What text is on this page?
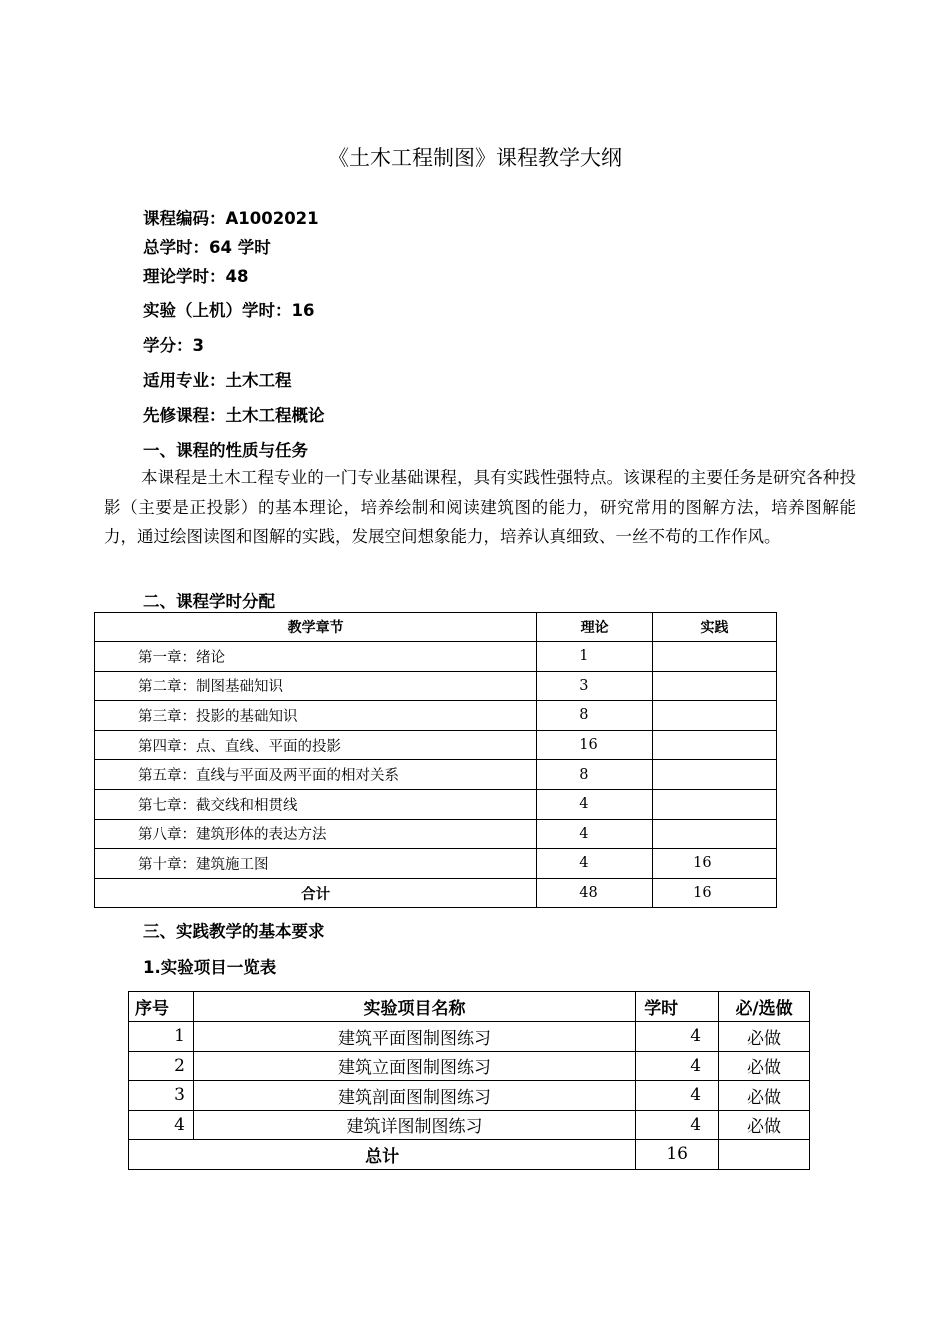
《土木工程制图》课程教学大纲
课程编码：A1002021
总学时：64 学时
理论学时：48
实验（上机）学时：16
学分：3
适用专业：土木工程
先修课程：土木工程概论
一、课程的性质与任务
本课程是土木工程专业的一门专业基础课程，具有实践性强特点。该课程的主要任务是研究各种投影（主要是正投影）的基本理论，培养绘制和阅读建筑图的能力，研究常用的图解方法，培养图解能力，通过绘图读图和图解的实践，发展空间想象能力，培养认真细致、一丝不苟的工作作风。
二、课程学时分配
教学章节	理论	实践
第一章：绪论	1	
第二章：制图基础知识	3	
第三章：投影的基础知识	8	
第四章：点、直线、平面的投影	16	
第五章：直线与平面及两平面的相对关系	8	
第七章：截交线和相贯线	4	
第八章：建筑形体的表达方法	4	
第十章：建筑施工图	4	16
合计	48	16
三、实践教学的基本要求
1.实验项目一览表
序号	实验项目名称	学时	必/选做
1	建筑平面图制图练习	4	必做
2	建筑立面图制图练习	4	必做
3	建筑剖面图制图练习	4	必做
4	建筑详图制图练习	4	必做
总计		16	
